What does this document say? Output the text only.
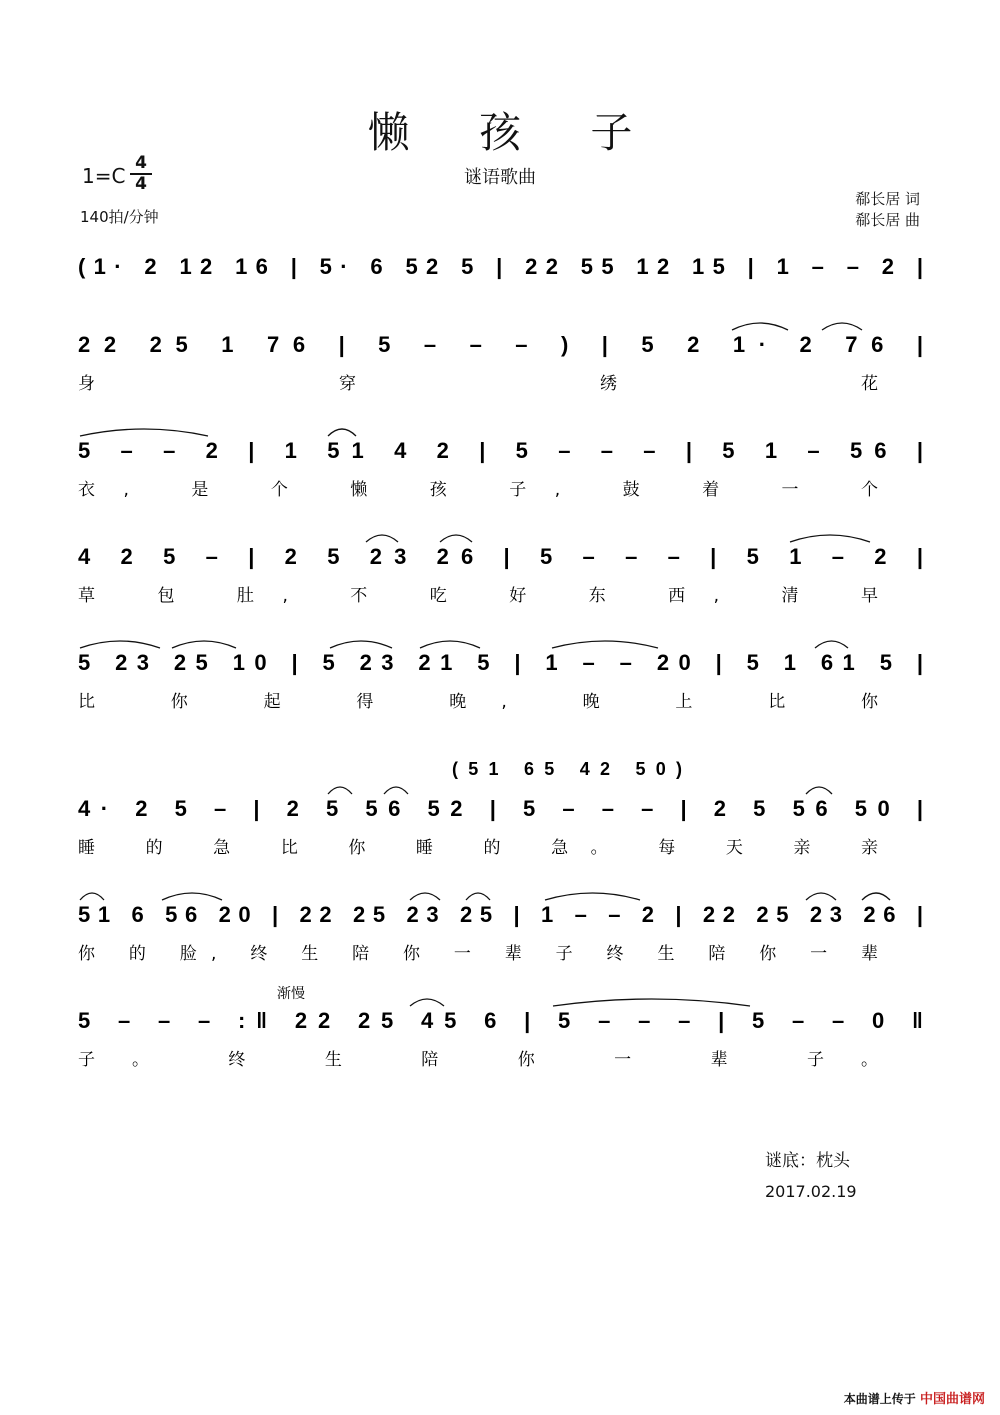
懒 孩 子
谜语歌曲
1=C
4
4
140拍/分钟
郗长居 词
郗长居 曲
(1· 2 12 16 | 5· 6 52 5 | 22 55 12 15 | 1 – – 2 |
22 25 1 76 | 5 – – – ) | 5 2 1· 2 76 |
身 穿 绣 花
5 – – 2 | 1 51 4 2 | 5 – – – | 5 1 – 56 |
衣, 是 个 懒 孩 子, 鼓 着 一 个
4 2 5 – | 2 5 23 26 | 5 – – – | 5 1 – 2 |
草 包 肚, 不 吃 好 东 西, 清 早
5 23 25 10 | 5 23 21 5 | 1 – – 20 | 5 1 61 5 |
比 你 起 得 晚, 晚 上 比 你
4· 2 5 – | 2 5 56 52 | 5 – – – | 2 5 56 50 |
睡 的 急 比 你 睡 的 急。 每 天 亲 亲
(51 65 42 50)
51 6 56 20 | 22 25 23 25 | 1 – – 2 | 22 25 23 26 |
你 的 脸, 终 生 陪 你 一 辈 子 终 生 陪 你 一 辈
5 – – – :‖ 22 25 45 6 | 5 – – – | 5 – – 0 ‖
子。 终 生 陪 你 一 辈 子。
渐慢
谜底：枕头
2017.02.19
本曲谱上传于 中国曲谱网
